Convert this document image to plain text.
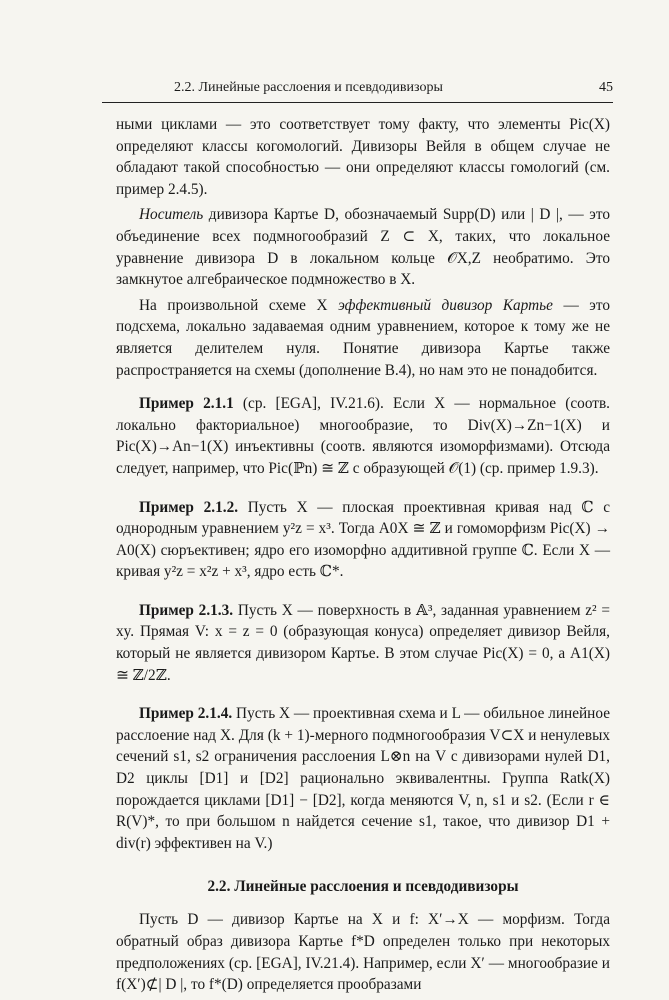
2.2. Линейные расслоения и псевдодивизоры	45

ными циклами — это соответствует тому факту, что элементы Pic(X) определяют классы когомологий. Дивизоры Вейля в общем случае не обладают такой способностью — они определяют классы гомологий (см. пример 2.4.5).

Носитель дивизора Картье D, обозначаемый Supp(D) или | D |, — это объединение всех подмногообразий Z ⊂ X, таких, что локальное уравнение дивизора D в локальном кольце 𝒪X,Z необратимо. Это замкнутое алгебраическое подмножество в X.

На произвольной схеме X эффективный дивизор Картье — это подсхема, локально задаваемая одним уравнением, которое к тому же не является делителем нуля. Понятие дивизора Картье также распространяется на схемы (дополнение B.4), но нам это не понадобится.

Пример 2.1.1 (ср. [EGA], IV.21.6). Если X — нормальное (соотв. локально факториальное) многообразие, то Div(X)→Zn−1(X) и Pic(X)→An−1(X) инъективны (соотв. являются изоморфизмами). Отсюда следует, например, что Pic(ℙn) ≅ ℤ с образующей 𝒪(1) (ср. пример 1.9.3).

Пример 2.1.2. Пусть X — плоская проективная кривая над ℂ с однородным уравнением y²z = x³. Тогда A0X ≅ ℤ и гомоморфизм Pic(X) → A0(X) сюръективен; ядро его изоморфно аддитивной группе ℂ. Если X — кривая y²z = x²z + x³, ядро есть ℂ*.

Пример 2.1.3. Пусть X — поверхность в 𝔸³, заданная уравнением z² = xy. Прямая V: x = z = 0 (образующая конуса) определяет дивизор Вейля, который не является дивизором Картье. В этом случае Pic(X) = 0, а A1(X) ≅ ℤ/2ℤ.

Пример 2.1.4. Пусть X — проективная схема и L — обильное линейное расслоение над X. Для (k + 1)-мерного подмногообразия V⊂X и ненулевых сечений s1, s2 ограничения расслоения L⊗n на V с дивизорами нулей D1, D2 циклы [D1] и [D2] рационально эквивалентны. Группа Ratk(X) порождается циклами [D1] − [D2], когда меняются V, n, s1 и s2. (Если r ∈ R(V)*, то при большом n найдется сечение s1, такое, что дивизор D1 + div(r) эффективен на V.)

2.2. Линейные расслоения и псевдодивизоры

Пусть D — дивизор Картье на X и f: X′→X — морфизм. Тогда обратный образ дивизора Картье f*D определен только при некоторых предположениях (ср. [EGA], IV.21.4). Например, если X′ — многообразие и f(X′)⊄| D |, то f*(D) определяется прообразами
